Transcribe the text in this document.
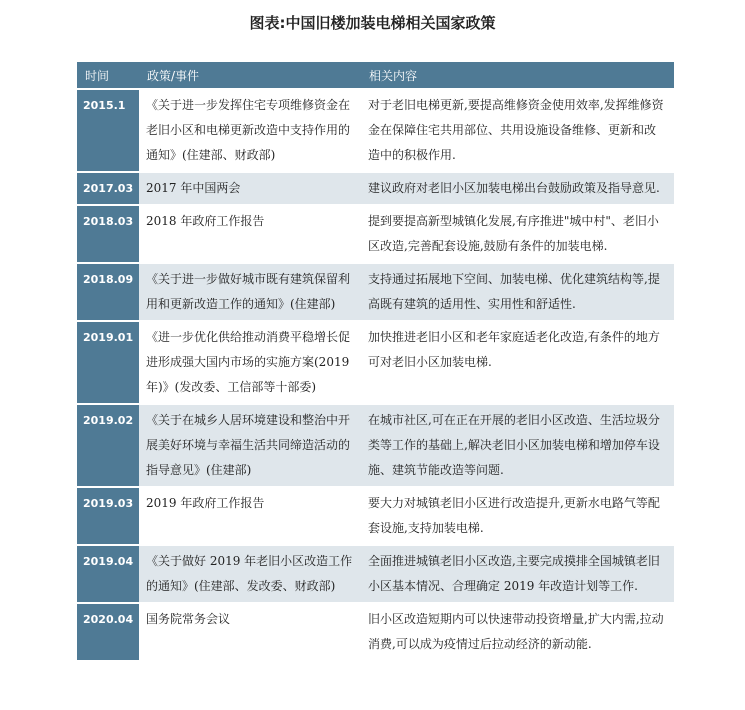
图表:中国旧楼加装电梯相关国家政策
时间	政策/事件	相关内容
2015.1	《关于进一步发挥住宅专项维修资金在老旧小区和电梯更新改造中支持作用的通知》(住建部、财政部)	对于老旧电梯更新,要提高维修资金使用效率,发挥维修资金在保障住宅共用部位、共用设施设备维修、更新和改造中的积极作用.
2017.03	2017 年中国两会	建议政府对老旧小区加装电梯出台鼓励政策及指导意见.
2018.03	2018 年政府工作报告	提到要提高新型城镇化发展,有序推进"城中村"、老旧小区改造,完善配套设施,鼓励有条件的加装电梯.
2018.09	《关于进一步做好城市既有建筑保留利用和更新改造工作的通知》(住建部)	支持通过拓展地下空间、加装电梯、优化建筑结构等,提高既有建筑的适用性、实用性和舒适性.
2019.01	《进一步优化供给推动消费平稳增长促进形成强大国内市场的实施方案(2019 年)》(发改委、工信部等十部委)	加快推进老旧小区和老年家庭适老化改造,有条件的地方可对老旧小区加装电梯.
2019.02	《关于在城乡人居环境建设和整治中开展美好环境与幸福生活共同缔造活动的指导意见》(住建部)	在城市社区,可在正在开展的老旧小区改造、生活垃圾分类等工作的基础上,解决老旧小区加装电梯和增加停车设施、建筑节能改造等问题.
2019.03	2019 年政府工作报告	要大力对城镇老旧小区进行改造提升,更新水电路气等配套设施,支持加装电梯.
2019.04	《关于做好 2019 年老旧小区改造工作的通知》(住建部、发改委、财政部)	全面推进城镇老旧小区改造,主要完成摸排全国城镇老旧小区基本情况、合理确定 2019 年改造计划等工作.
2020.04	国务院常务会议	旧小区改造短期内可以快速带动投资增量,扩大内需,拉动消费,可以成为疫情过后拉动经济的新动能.
